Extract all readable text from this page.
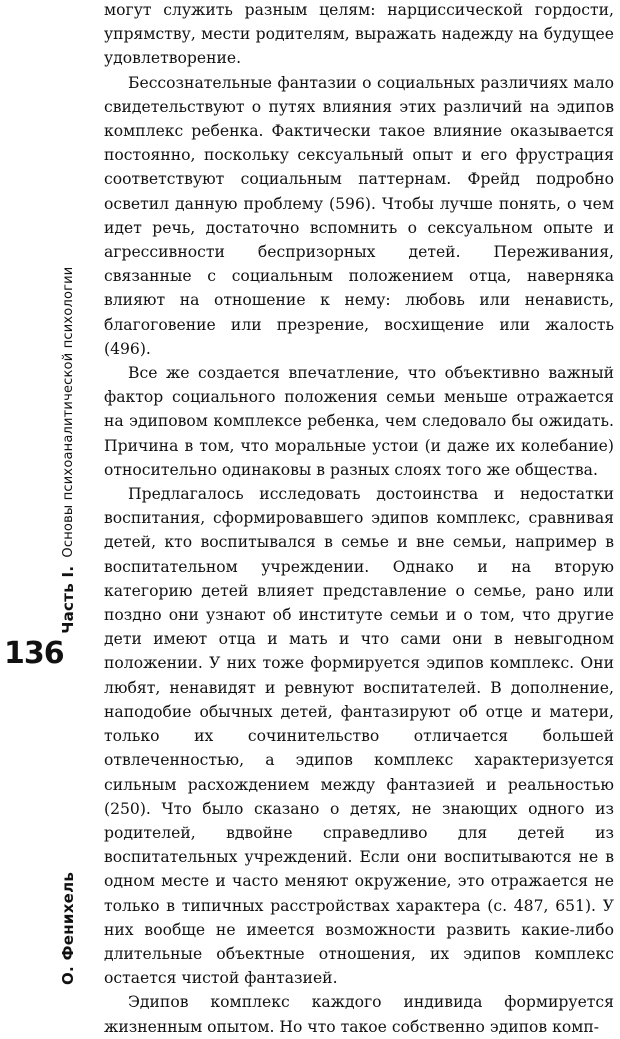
О. Фенихель
Часть I.
Основы психоаналитической психологии
136

могут служить разным целям: нарциссической гордости, упрямству, мести родителям, выражать надежду на будущее удовлетворение.

Бессознательные фантазии о социальных различиях мало свидетельствуют о путях влияния этих различий на эдипов комплекс ребенка. Фактически такое влияние оказывается постоянно, поскольку сексуальный опыт и его фрустрация соответствуют социальным паттернам. Фрейд подробно осветил данную проблему (596). Чтобы лучше понять, о чем идет речь, достаточно вспомнить о сексуальном опыте и агрессивности беспризорных детей. Переживания, связанные с социальным положением отца, наверняка влияют на отношение к нему: любовь или ненависть, благоговение или презрение, восхищение или жалость (496).

Все же создается впечатление, что объективно важный фактор социального положения семьи меньше отражается на эдиповом комплексе ребенка, чем следовало бы ожидать. Причина в том, что моральные устои (и даже их колебание) относительно одинаковы в разных слоях того же общества.

Предлагалось исследовать достоинства и недостатки воспитания, сформировавшего эдипов комплекс, сравнивая детей, кто воспитывался в семье и вне семьи, например в воспитательном учреждении. Однако и на вторую категорию детей влияет представление о семье, рано или поздно они узнают об институте семьи и о том, что другие дети имеют отца и мать и что сами они в невыгодном положении. У них тоже формируется эдипов комплекс. Они любят, ненавидят и ревнуют воспитателей. В дополнение, наподобие обычных детей, фантазируют об отце и матери, только их сочинительство отличается большей отвлеченностью, а эдипов комплекс характеризуется сильным расхождением между фантазией и реальностью (250). Что было сказано о детях, не знающих одного из родителей, вдвойне справедливо для детей из воспитательных учреждений. Если они воспитываются не в одном месте и часто меняют окружение, это отражается не только в типичных расстройствах характера (с. 487, 651). У них вообще не имеется возможности развить какие-либо длительные объектные отношения, их эдипов комплекс остается чистой фантазией.

Эдипов комплекс каждого индивида формируется жизненным опытом. Но что такое собственно эдипов комп-
